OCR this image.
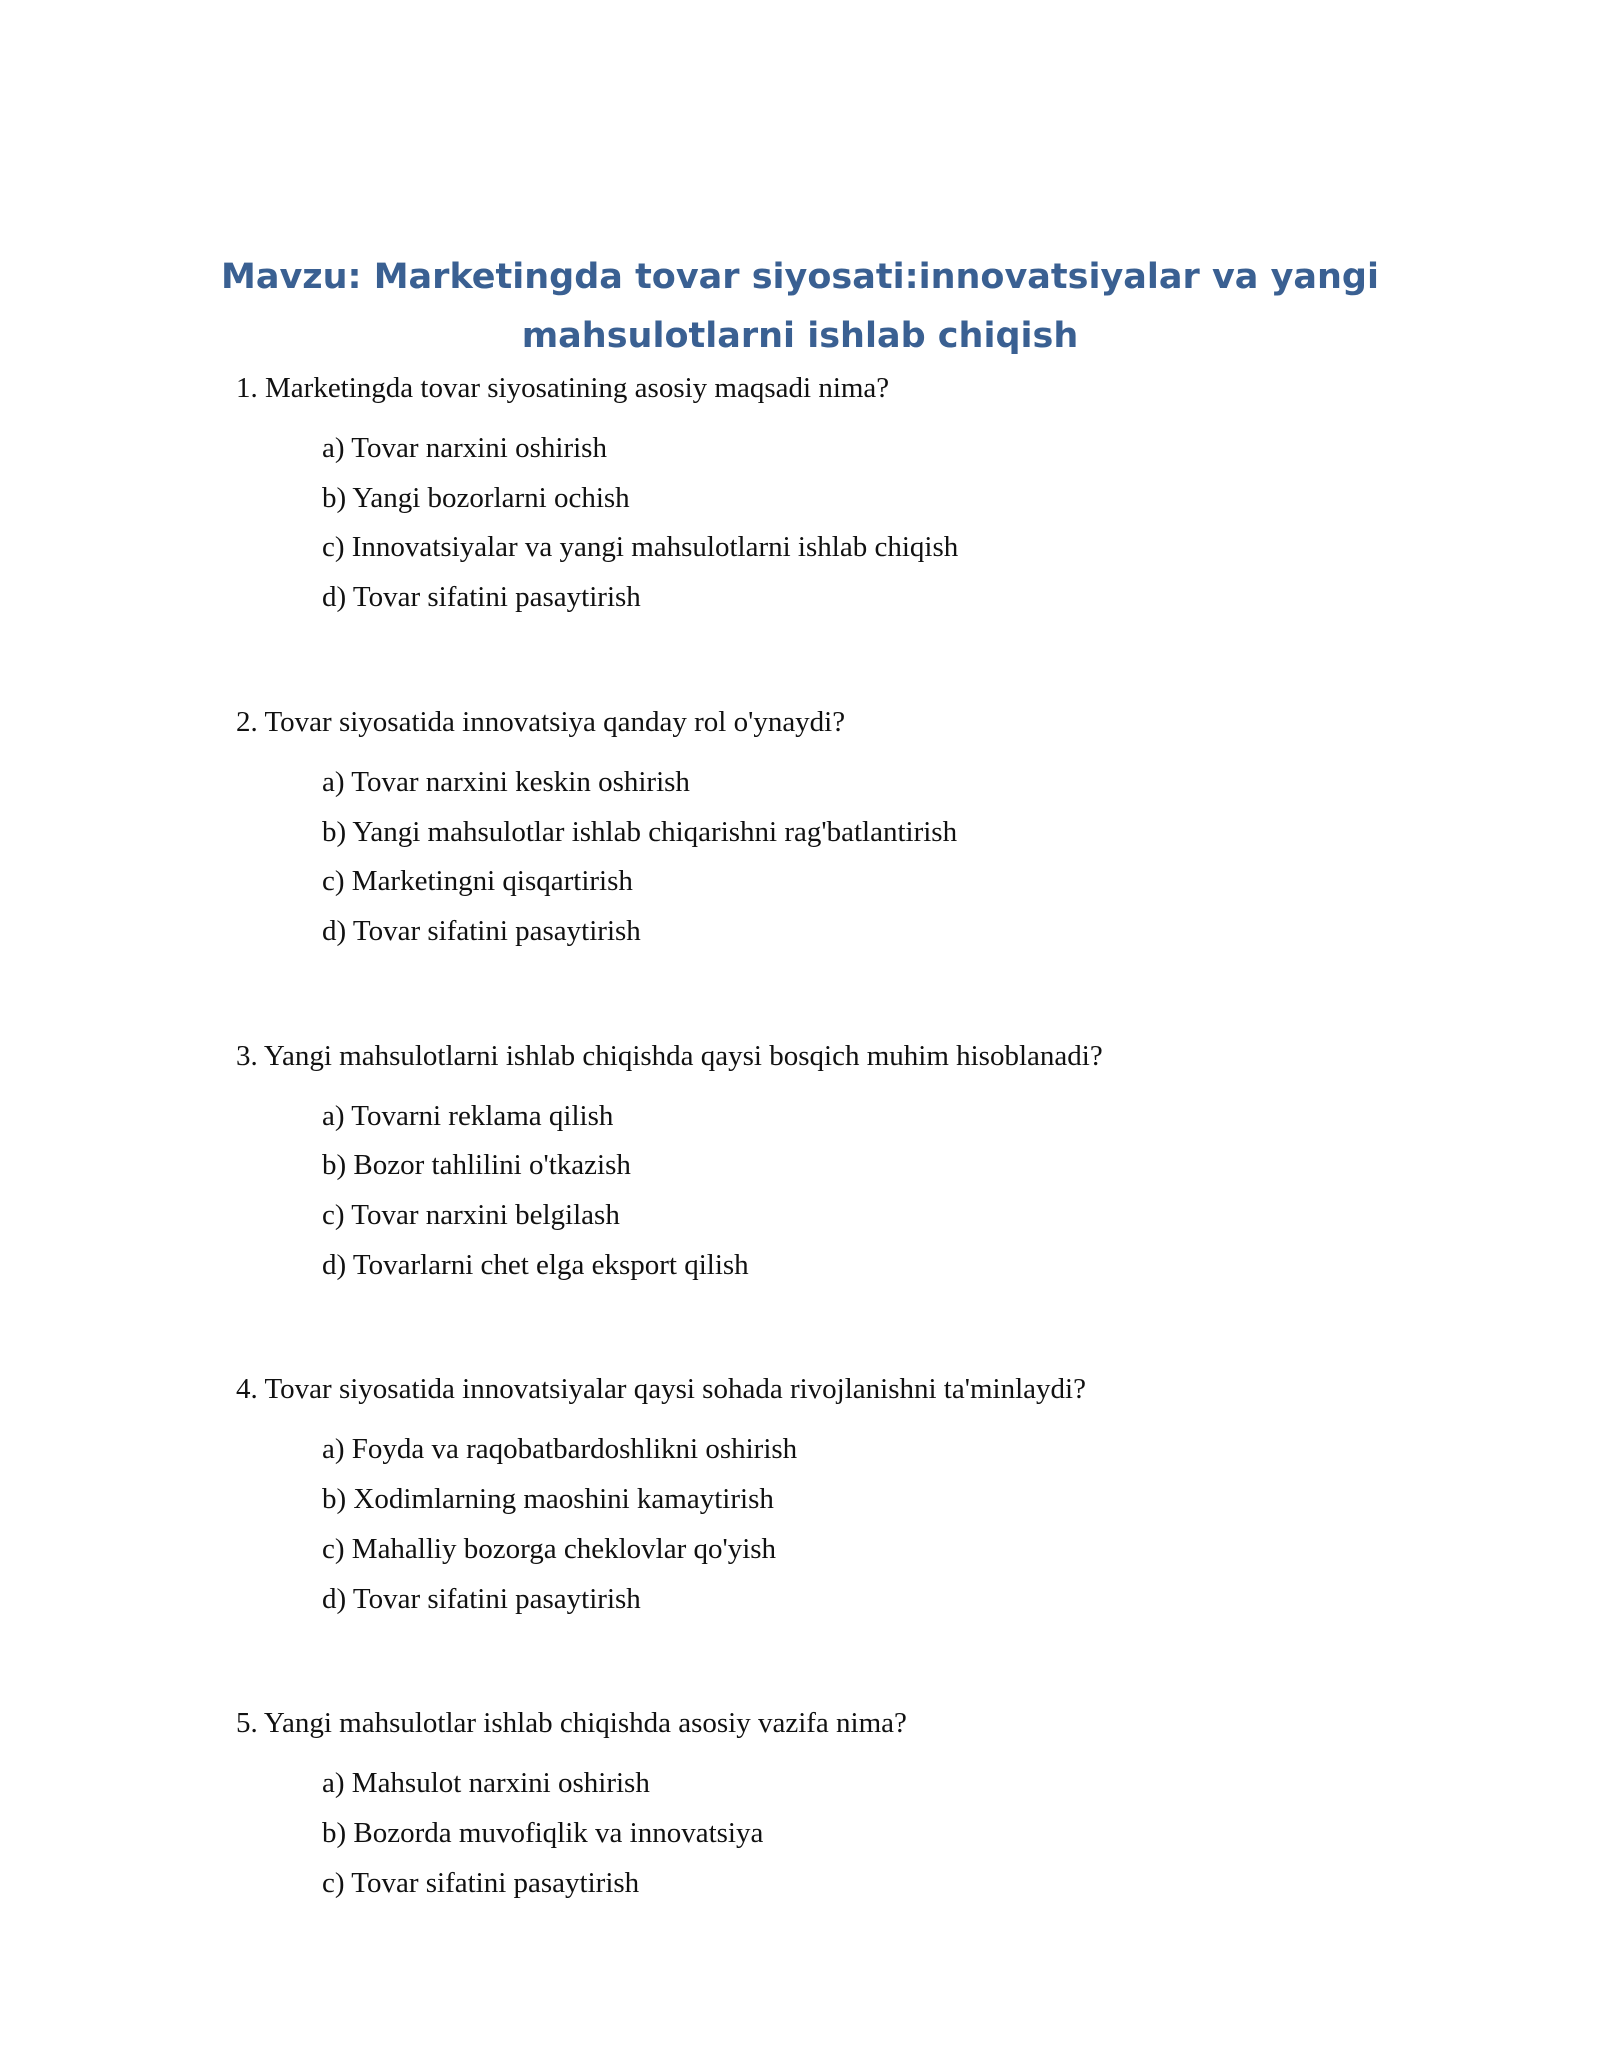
Mavzu: Marketingda tovar siyosati:innovatsiyalar va yangi
mahsulotlarni ishlab chiqish

1. Marketingda tovar siyosatining asosiy maqsadi nima?

a) Tovar narxini oshirish
b) Yangi bozorlarni ochish
c) Innovatsiyalar va yangi mahsulotlarni ishlab chiqish
d) Tovar sifatini pasaytirish

2. Tovar siyosatida innovatsiya qanday rol o'ynaydi?

a) Tovar narxini keskin oshirish
b) Yangi mahsulotlar ishlab chiqarishni rag'batlantirish
c) Marketingni qisqartirish
d) Tovar sifatini pasaytirish

3. Yangi mahsulotlarni ishlab chiqishda qaysi bosqich muhim hisoblanadi?

a) Tovarni reklama qilish
b) Bozor tahlilini o'tkazish
c) Tovar narxini belgilash
d) Tovarlarni chet elga eksport qilish

4. Tovar siyosatida innovatsiyalar qaysi sohada rivojlanishni ta'minlaydi?

a) Foyda va raqobatbardoshlikni oshirish
b) Xodimlarning maoshini kamaytirish
c) Mahalliy bozorga cheklovlar qo'yish
d) Tovar sifatini pasaytirish

5. Yangi mahsulotlar ishlab chiqishda asosiy vazifa nima?

a) Mahsulot narxini oshirish
b) Bozorda muvofiqlik va innovatsiya
c) Tovar sifatini pasaytirish
